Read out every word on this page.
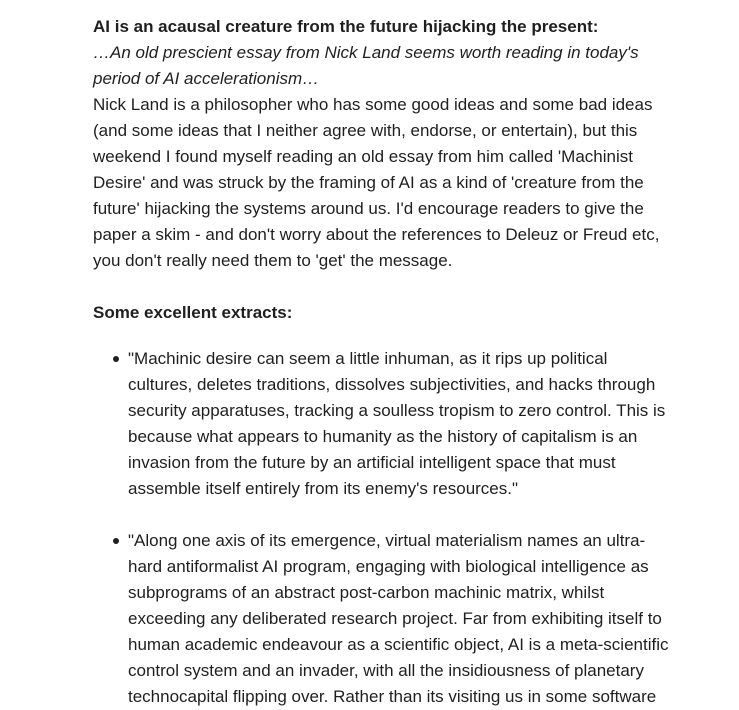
AI is an acausal creature from the future hijacking the present:

…An old prescient essay from Nick Land seems worth reading in today's

period of AI accelerationism…

Nick Land is a philosopher who has some good ideas and some bad ideas

(and some ideas that I neither agree with, endorse, or entertain), but this

weekend I found myself reading an old essay from him called 'Machinist

Desire' and was struck by the framing of AI as a kind of 'creature from the

future' hijacking the systems around us. I'd encourage readers to give the

paper a skim - and don't worry about the references to Deleuz or Freud etc,

you don't really need them to 'get' the message.

Some excellent extracts:

"Machinic desire can seem a little inhuman, as it rips up political

cultures, deletes traditions, dissolves subjectivities, and hacks through

security apparatuses, tracking a soulless tropism to zero control. This is

because what appears to humanity as the history of capitalism is an

invasion from the future by an artificial intelligent space that must

assemble itself entirely from its enemy's resources."

"Along one axis of its emergence, virtual materialism names an ultra-

hard antiformalist AI program, engaging with biological intelligence as

subprograms of an abstract post-carbon machinic matrix, whilst

exceeding any deliberated research project. Far from exhibiting itself to

human academic endeavour as a scientific object, AI is a meta-scientific

control system and an invader, with all the insidiousness of planetary

technocapital flipping over. Rather than its visiting us in some software
